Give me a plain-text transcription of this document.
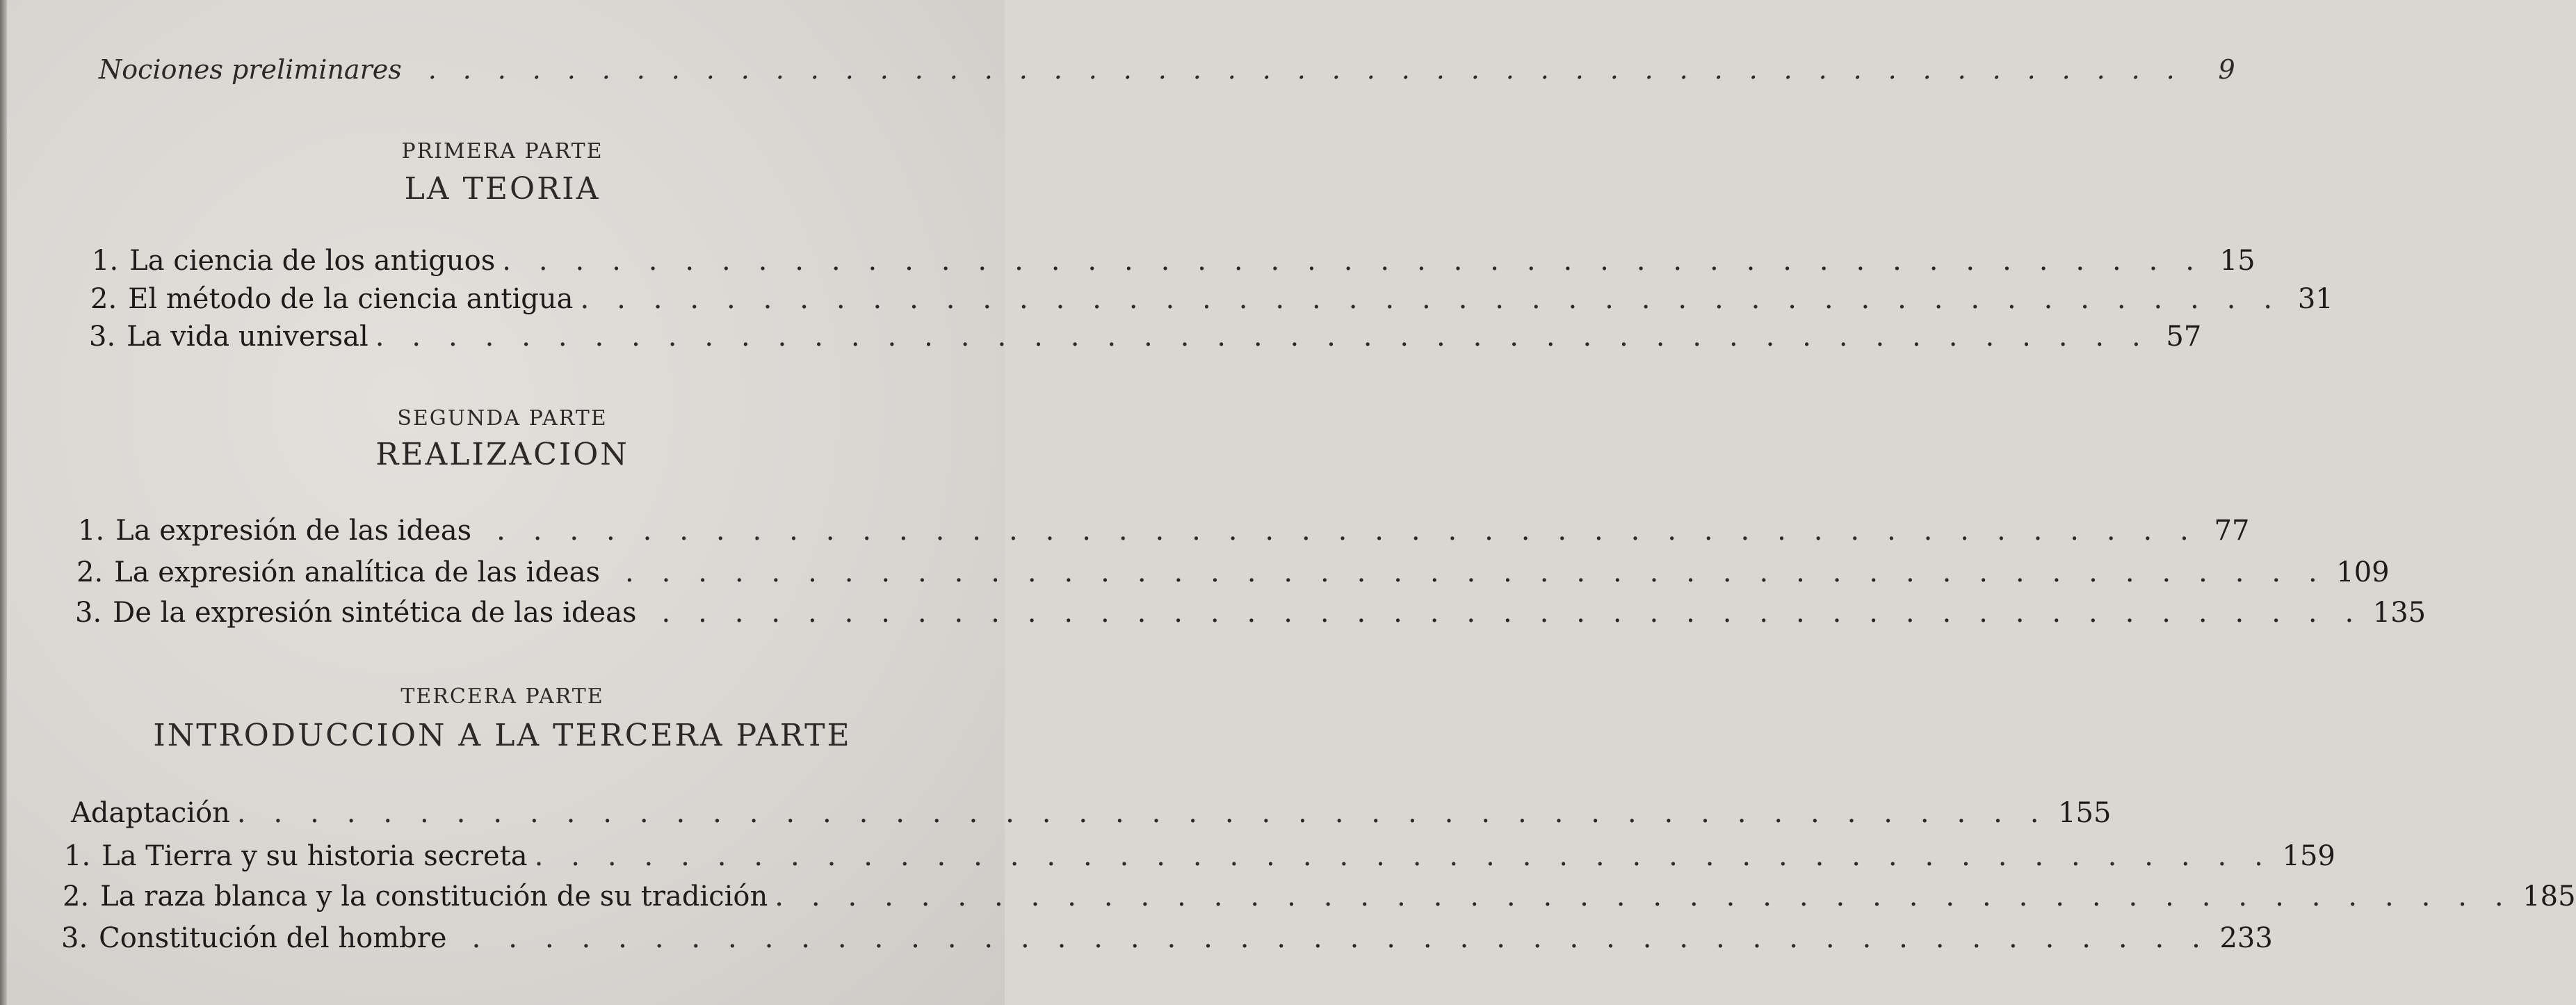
Nociones preliminares . . . . . . . . . . . . . . . . . . . . . . . . . . . . . . . . . . . . . . . . . . . . . . . . . . .	9
PRIMERA PARTE
LA TEORIA
1. La ciencia de los antiguos . . . . . . . . . . . . . . . . . . . . . . . . . . . . . . . . . . . . . . . . . . . . . . . 15
2. El método de la ciencia antigua . . . . . . . . . . . . . . . . . . . . . . . . . . . . . . . . . . . . . . . . . . . . . . . 31
3. La vida universal . . . . . . . . . . . . . . . . . . . . . . . . . . . . . . . . . . . . . . . . . . . . . . . . . 57
SEGUNDA PARTE
REALIZACION
1. La expresión de las ideas . . . . . . . . . . . . . . . . . . . . . . . . . . . . . . . . . . . . . . . . . . . . . . . 77
2. La expresión analítica de las ideas . . . . . . . . . . . . . . . . . . . . . . . . . . . . . . . . . . . . . . . . . . . . . . . 109
3. De la expresión sintética de las ideas . . . . . . . . . . . . . . . . . . . . . . . . . . . . . . . . . . . . . . . . . . . . . . . 135
TERCERA PARTE
INTRODUCCION A LA TERCERA PARTE
Adaptación . . . . . . . . . . . . . . . . . . . . . . . . . . . . . . . . . . . . . . . . . . . . . . . . . . 155
1. La Tierra y su historia secreta . . . . . . . . . . . . . . . . . . . . . . . . . . . . . . . . . . . . . . . . . . . . . . . . 159
2. La raza blanca y la constitución de su tradición . . . . . . . . . . . . . . . . . . . . . . . . . . . . . . . . . . . . . . . . . . . . . . . . 185
3. Constitución del hombre . . . . . . . . . . . . . . . . . . . . . . . . . . . . . . . . . . . . . . . . . . . . . . . . 233
